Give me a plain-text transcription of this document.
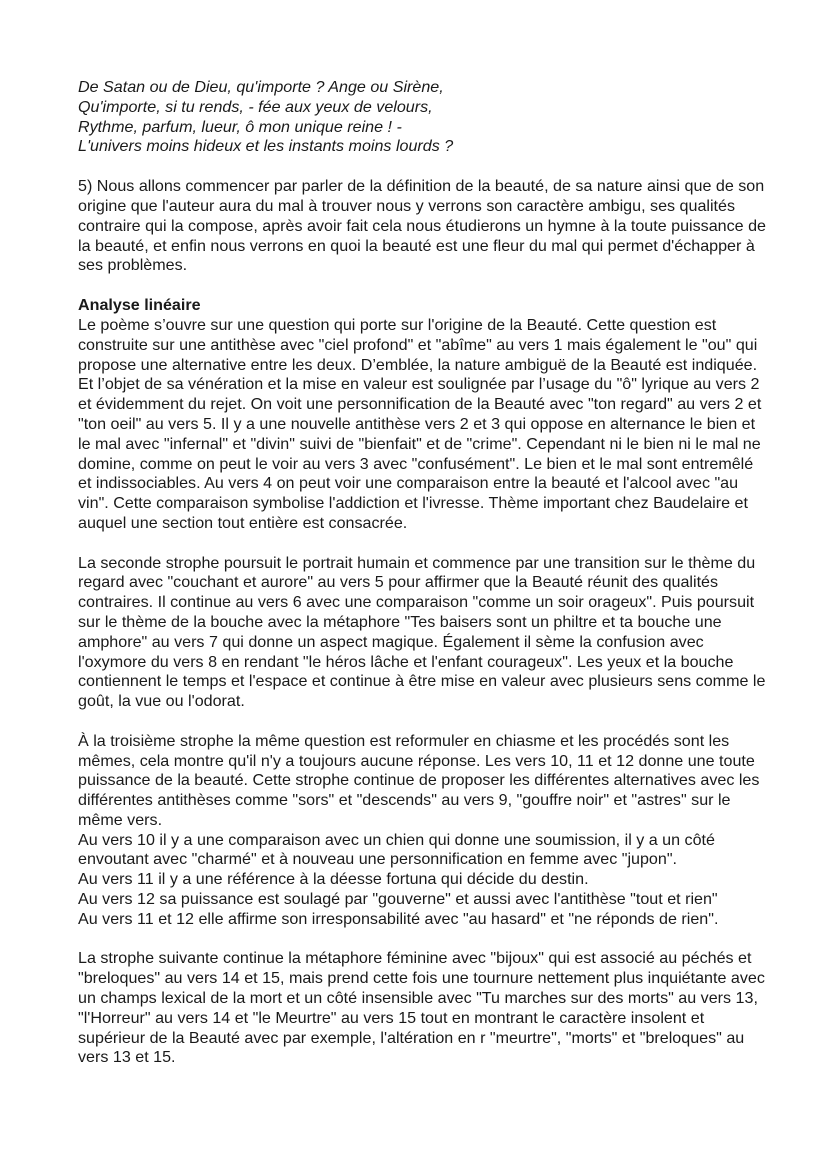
De Satan ou de Dieu, qu'importe ? Ange ou Sirène,
Qu'importe, si tu rends, - fée aux yeux de velours,
Rythme, parfum, lueur, ô mon unique reine ! -
L'univers moins hideux et les instants moins lourds ?

5) Nous allons commencer par parler de la définition de la beauté, de sa nature ainsi que de son origine que l'auteur aura du mal à trouver nous y verrons son caractère ambigu, ses qualités contraire qui la compose, après avoir fait cela nous étudierons un hymne à la toute puissance de la beauté, et enfin nous verrons en quoi la beauté est une fleur du mal qui permet d'échapper à ses problèmes.

Analyse linéaire

Le poème s’ouvre sur une question qui porte sur l'origine de la Beauté. Cette question est construite sur une antithèse avec "ciel profond" et "abîme" au vers 1 mais également le "ou" qui propose une alternative entre les deux. D’emblée, la nature ambiguë de la Beauté est indiquée. Et l’objet de sa vénération et la mise en valeur est soulignée par l’usage du "ô" lyrique au vers 2 et évidemment du rejet. On voit une personnification de la Beauté avec "ton regard" au vers 2 et "ton oeil" au vers 5. Il y a une nouvelle antithèse vers 2 et 3 qui oppose en alternance le bien et le mal avec "infernal" et "divin" suivi de "bienfait" et de "crime". Cependant ni le bien ni le mal ne domine, comme on peut le voir au vers 3 avec "confusément". Le bien et le mal sont entremêlé et indissociables. Au vers 4 on peut voir une comparaison entre la beauté et l'alcool avec "au vin". Cette comparaison symbolise l'addiction et l'ivresse. Thème important chez Baudelaire et auquel une section tout entière est consacrée.

La seconde strophe poursuit le portrait humain et commence par une transition sur le thème du regard avec "couchant et aurore" au vers 5 pour affirmer que la Beauté réunit des qualités contraires. Il continue au vers 6 avec une comparaison "comme un soir orageux". Puis poursuit sur le thème de la bouche avec la métaphore "Tes baisers sont un philtre et ta bouche une amphore" au vers 7 qui donne un aspect magique. Également il sème la confusion avec l'oxymore du vers 8 en rendant "le héros lâche et l'enfant courageux". Les yeux et la bouche contiennent le temps et l'espace et continue à être mise en valeur avec plusieurs sens comme le goût, la vue ou l'odorat.

À la troisième strophe la même question est reformuler en chiasme et les procédés sont les mêmes, cela montre qu'il n'y a toujours aucune réponse. Les vers 10, 11 et 12 donne une toute puissance de la beauté. Cette strophe continue de proposer les différentes alternatives avec les différentes antithèses comme "sors" et "descends" au vers 9, "gouffre noir" et "astres" sur le même vers.

Au vers 10 il y a une comparaison avec un chien qui donne une soumission, il y a un côté envoutant avec "charmé" et à nouveau une personnification en femme avec "jupon".

Au vers 11 il y a une référence à la déesse fortuna qui décide du destin.

Au vers 12 sa puissance est soulagé par "gouverne" et aussi avec l'antithèse "tout et rien"

Au vers 11 et 12 elle affirme son irresponsabilité avec "au hasard" et "ne réponds de rien".

La strophe suivante continue la métaphore féminine avec "bijoux" qui est associé au péchés et "breloques" au vers 14 et 15, mais prend cette fois une tournure nettement plus inquiétante avec un champs lexical de la mort et un côté insensible avec "Tu marches sur des morts" au vers 13, "l'Horreur" au vers 14 et "le Meurtre" au vers 15 tout en montrant le caractère insolent et supérieur de la Beauté avec par exemple, l'altération en r "meurtre", "morts" et "breloques" au vers 13 et 15.
